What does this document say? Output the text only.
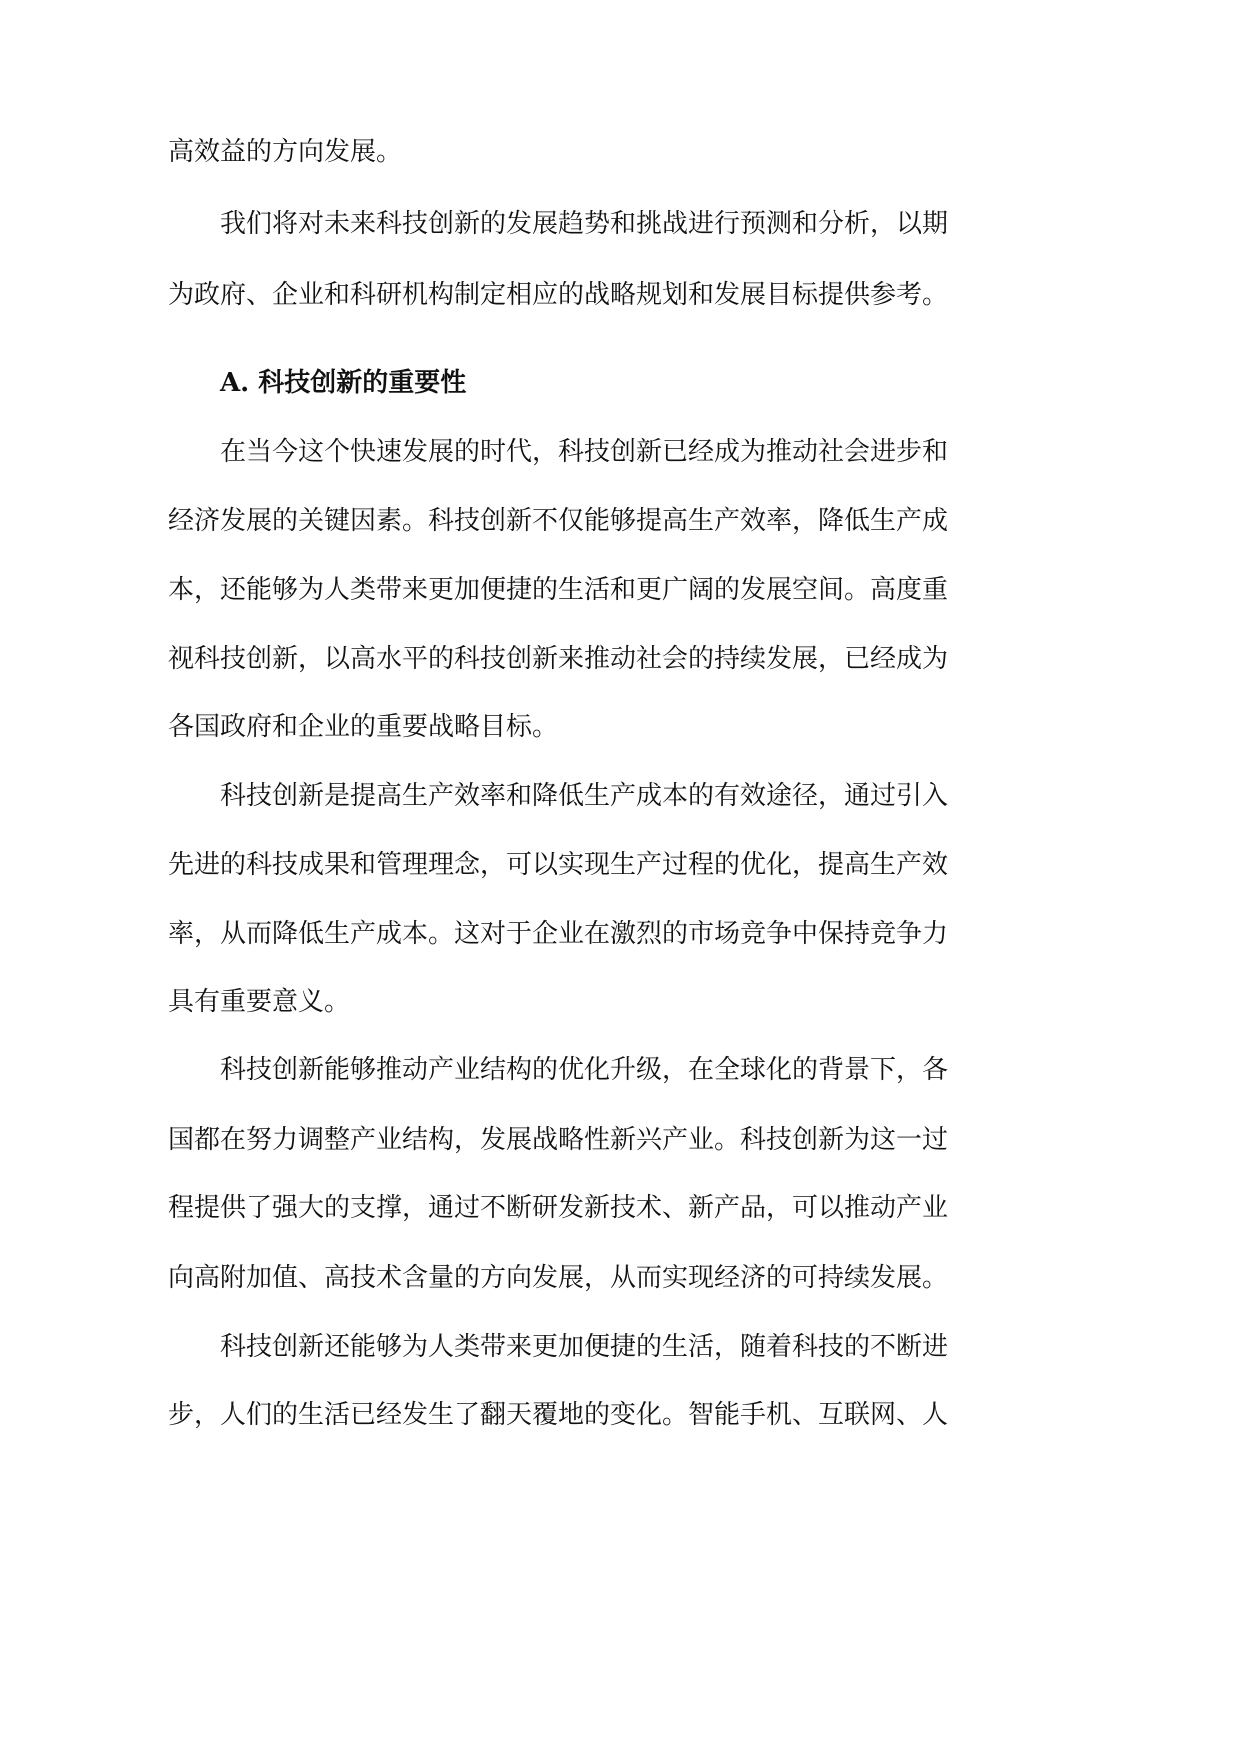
高效益的方向发展。
我们将对未来科技创新的发展趋势和挑战进行预测和分析，以期
为政府、企业和科研机构制定相应的战略规划和发展目标提供参考。
A. 科技创新的重要性
在当今这个快速发展的时代，科技创新已经成为推动社会进步和
经济发展的关键因素。科技创新不仅能够提高生产效率，降低生产成
本，还能够为人类带来更加便捷的生活和更广阔的发展空间。高度重
视科技创新，以高水平的科技创新来推动社会的持续发展，已经成为
各国政府和企业的重要战略目标。
科技创新是提高生产效率和降低生产成本的有效途径，通过引入
先进的科技成果和管理理念，可以实现生产过程的优化，提高生产效
率，从而降低生产成本。这对于企业在激烈的市场竞争中保持竞争力
具有重要意义。
科技创新能够推动产业结构的优化升级，在全球化的背景下，各
国都在努力调整产业结构，发展战略性新兴产业。科技创新为这一过
程提供了强大的支撑，通过不断研发新技术、新产品，可以推动产业
向高附加值、高技术含量的方向发展，从而实现经济的可持续发展。
科技创新还能够为人类带来更加便捷的生活，随着科技的不断进
步，人们的生活已经发生了翻天覆地的变化。智能手机、互联网、人
